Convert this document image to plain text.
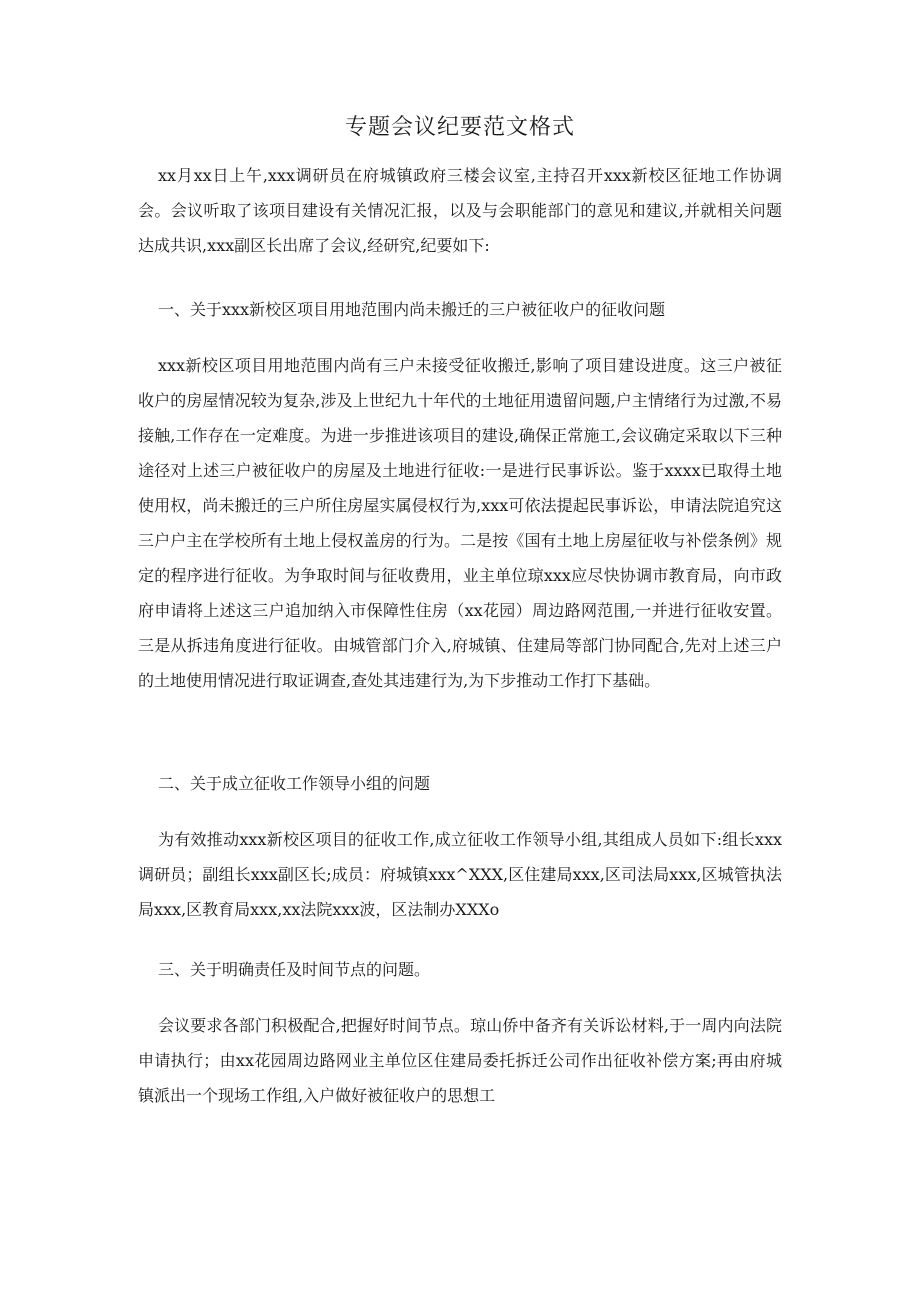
专题会议纪要范文格式

xx月xx日上午,xxx调研员在府城镇政府三楼会议室,主持召开xxx新校区征地工作协调会。会议听取了该项目建设有关情况汇报，以及与会职能部门的意见和建议,并就相关问题达成共识,xxx副区长出席了会议,经研究,纪要如下:

一、关于xxx新校区项目用地范围内尚未搬迁的三户被征收户的征收问题

xxx新校区项目用地范围内尚有三户未接受征收搬迁,影响了项目建设进度。这三户被征收户的房屋情况较为复杂,涉及上世纪九十年代的土地征用遗留问题,户主情绪行为过激,不易接触,工作存在一定难度。为进一步推进该项目的建设,确保正常施工,会议确定采取以下三种途径对上述三户被征收户的房屋及土地进行征收:一是进行民事诉讼。鉴于xxxx已取得土地使用权，尚未搬迁的三户所住房屋实属侵权行为,xxx可依法提起民事诉讼，申请法院追究这三户户主在学校所有土地上侵权盖房的行为。二是按《国有土地上房屋征收与补偿条例》规定的程序进行征收。为争取时间与征收费用，业主单位琼xxx应尽快协调市教育局，向市政府申请将上述这三户追加纳入市保障性住房（xx花园）周边路网范围,一并进行征收安置。三是从拆违角度进行征收。由城管部门介入,府城镇、住建局等部门协同配合,先对上述三户的土地使用情况进行取证调查,查处其违建行为,为下步推动工作打下基础。

二、关于成立征收工作领导小组的问题

为有效推动xxx新校区项目的征收工作,成立征收工作领导小组,其组成人员如下:组长xxx调研员；副组长xxx副区长;成员：府城镇xxx^XXX,区住建局xxx,区司法局xxx,区城管执法局xxx,区教育局xxx,xx法院xxx波，区法制办XXXo

三、关于明确责任及时间节点的问题。

会议要求各部门积极配合,把握好时间节点。琼山侨中备齐有关诉讼材料,于一周内向法院申请执行；由xx花园周边路网业主单位区住建局委托拆迁公司作出征收补偿方案;再由府城镇派出一个现场工作组,入户做好被征收户的思想工
